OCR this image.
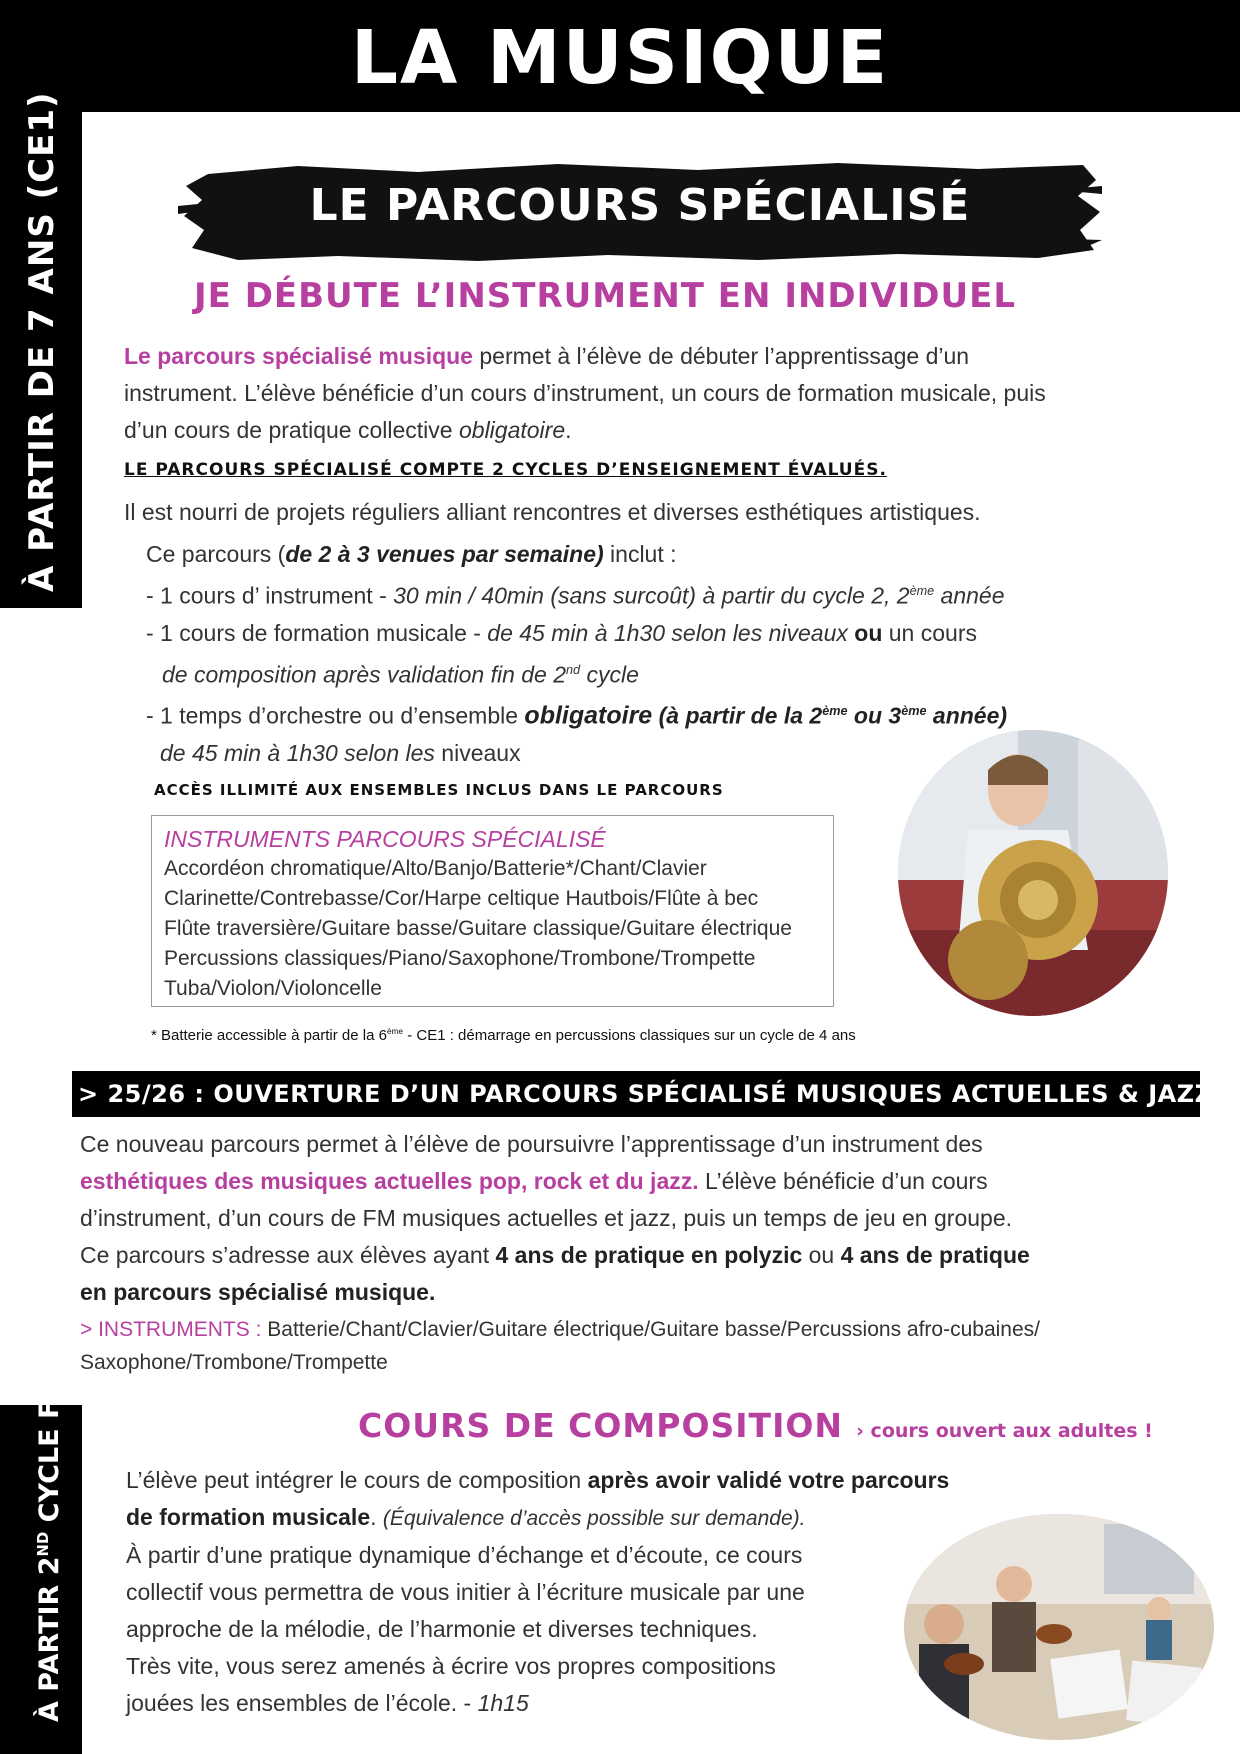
LA MUSIQUE
À PARTIR DE 7 ANS (CE1)
À PARTIR 2ND CYCLE FM
LE PARCOURS SPÉCIALISÉ
JE DÉBUTE L’INSTRUMENT EN INDIVIDUEL
Le parcours spécialisé musique permet à l’élève de débuter l’apprentissage d’un
instrument. L’élève bénéficie d’un cours d’instrument, un cours de formation musicale, puis
d’un cours de pratique collective obligatoire.
LE PARCOURS SPÉCIALISÉ COMPTE 2 CYCLES D’ENSEIGNEMENT ÉVALUÉS.
Il est nourri de projets réguliers alliant rencontres et diverses esthétiques artistiques.
Ce parcours (de 2 à 3 venues par semaine) inclut :
- 1 cours d’ instrument - 30 min / 40min (sans surcoût) à partir du cycle 2, 2ème année
- 1 cours de formation musicale - de 45 min à 1h30 selon les niveaux ou un cours
de composition après validation fin de 2nd cycle
- 1 temps d’orchestre ou d’ensemble obligatoire (à partir de la 2ème ou 3ème année)
de 45 min à 1h30 selon les niveaux
ACCÈS ILLIMITÉ AUX ENSEMBLES INCLUS DANS LE PARCOURS
INSTRUMENTS PARCOURS SPÉCIALISÉ
Accordéon chromatique/Alto/Banjo/Batterie*/Chant/Clavier
Clarinette/Contrebasse/Cor/Harpe celtique Hautbois/Flûte à bec
Flûte traversière/Guitare basse/Guitare classique/Guitare électrique
Percussions classiques/Piano/Saxophone/Trombone/Trompette
Tuba/Violon/Violoncelle
* Batterie accessible à partir de la 6ème - CE1 : démarrage en percussions classiques sur un cycle de 4 ans
> 25/26 : OUVERTURE D’UN PARCOURS SPÉCIALISÉ MUSIQUES ACTUELLES & JAZZ
Ce nouveau parcours permet à l’élève de poursuivre l’apprentissage d’un instrument des
esthétiques des musiques actuelles pop, rock et du jazz. L’élève bénéficie d’un cours
d’instrument, d’un cours de FM musiques actuelles et jazz, puis un temps de jeu en groupe.
Ce parcours s’adresse aux élèves ayant 4 ans de pratique en polyzic ou 4 ans de pratique
en parcours spécialisé musique.
> INSTRUMENTS : Batterie/Chant/Clavier/Guitare électrique/Guitare basse/Percussions afro-cubaines/
Saxophone/Trombone/Trompette
COURS DE COMPOSITION › cours ouvert aux adultes !
L’élève peut intégrer le cours de composition après avoir validé votre parcours
de formation musicale. (Équivalence d’accès possible sur demande).
À partir d’une pratique dynamique d’échange et d’écoute, ce cours
collectif vous permettra de vous initier à l’écriture musicale par une
approche de la mélodie, de l’harmonie et diverses techniques.
Très vite, vous serez amenés à écrire vos propres compositions
jouées les ensembles de l’école. - 1h15
